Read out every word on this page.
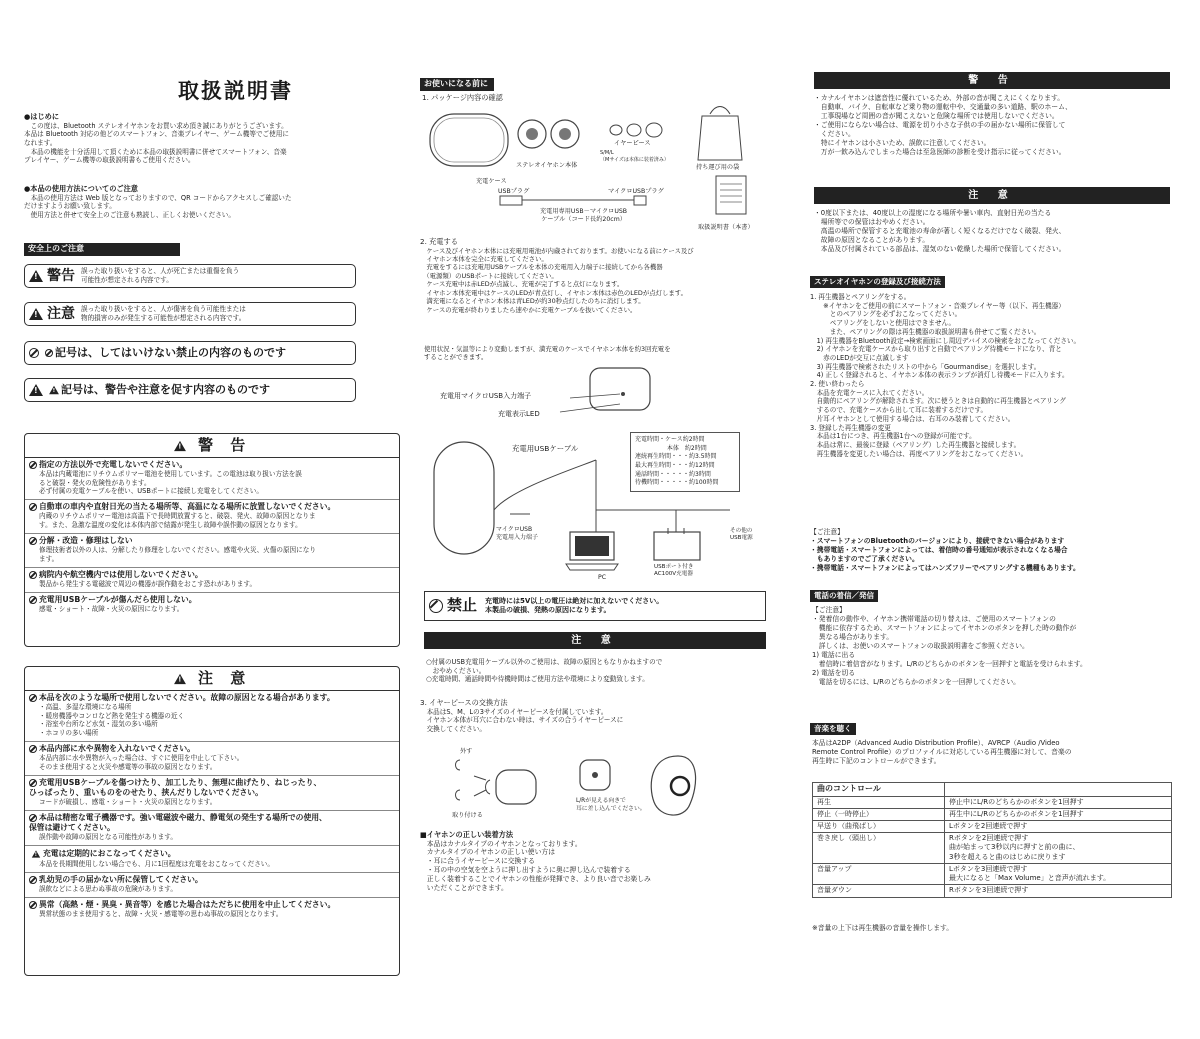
取扱説明書
●はじめに
　この度は、Bluetooth ステレオイヤホンをお買い求め頂き誠にありがとうございます。
本品は Bluetooth 対応の他どのスマートフォン、音楽プレイヤー、ゲーム機等でご使用に
なれます。
　本品の機能を十分活用して頂くために本品の取扱説明書に併せてスマートフォン、音楽
プレイヤー、ゲーム機等の取扱説明書もご使用ください。
●本品の使用方法についてのご注意
　本品の使用方法は Web 版となっておりますので、QR コードからアクセスしご確認いた
だけますようお願い致します。
　使用方法と併せて安全上のご注意も熟読し、正しくお使いください。
安全上のご注意
!
警告 誤った取り扱いをすると、人が死亡または重傷を負う
可能性が想定される内容です。
!
注意 誤った取り扱いをすると、人が傷害を負う可能性または
物的損害のみが発生する可能性が想定される内容です。
記号は、してはいけない禁止の内容のものです
!
!
記号は、警告や注意を促す内容のものです
! 警 告
指定の方法以外で充電しないでください。
本品は内蔵電池にリチウムポリマー電池を使用しています。この電池は取り扱い方法を誤
ると破裂・発火の危険性があります。
必ず付属の充電ケーブルを使い、USBポートに接続し充電をしてください。
自動車の車内や直射日光の当たる場所等、高温になる場所に放置しないでください。
内蔵のリチウムポリマー電池は高温下で長時間放置すると、破裂、発火、故障の原因となりま
す。また、急激な温度の変化は本体内部で結露が発生し故障や誤作動の原因となります。
分解・改造・修理はしない
修理技術者以外の人は、分解したり修理をしないでください。感電や火災、火傷の原因になり
ます。
病院内や航空機内では使用しないでください。
製品から発生する電磁波で周辺の機器が誤作動をおこす恐れがあります。
充電用USBケーブルが傷んだら使用しない。
感電・ショート・故障・火災の原因になります。
! 注 意
本品を次のような場所で使用しないでください。故障の原因となる場合があります。
・高温、多湿な環境になる場所
・暖房機器やコンロなど熱を発生する機器の近く
・浴室や台所など水気・湿気の多い場所
・ホコリの多い場所
本品内部に水や異物を入れないでください。
本品内部に水や異物が入った場合は、すぐに使用を中止して下さい。
そのまま使用すると火災や感電等の事故の原因となります。
充電用USBケーブルを傷つけたり、加工したり、無理に曲げたり、ねじったり、
ひっぱったり、重いものをのせたり、挟んだりしないでください。
コードが破損し、感電・ショート・火災の原因となります。
本品は精密な電子機器です。強い電磁波や磁力、静電気の発生する場所での使用、
保管は避けてください。
誤作動や故障の原因となる可能性があります。
!充電は定期的におこなってください。
本品を長期間使用しない場合でも、月に1回程度は充電をおこなってください。
乳幼児の手の届かない所に保管してください。
誤飲などによる思わぬ事故の危険があります。
異常（高熱・煙・異臭・異音等）を感じた場合はただちに使用を中止してください。
異常状態のまま使用すると、故障・火災・感電等の思わぬ事故の原因となります。
お使いになる前に
1. パッケージ内容の確認
充電ケース
ステレオイヤホン本体
イヤーピース
S/M/L
（Mサイズは本体に装着済み）
持ち運び用の袋
USBプラグ	マイクロUSBプラグ
充電用専用USB－マイクロUSB
ケーブル（コード長約20cm）
取扱説明書（本書）
2. 充電する
　ケース及びイヤホン本体には充電用電池が内蔵されております。お使いになる前にケース及び
　イヤホン本体を完全に充電してください。
　充電をするには充電用USBケーブルを本体の充電用入力端子に接続してから各機器
　（電源類）のUSBポートに接続してください。
　ケース充電中は赤LEDが点滅し、充電が完了すると点灯になります。
　イヤホン本体充電中はケースのLEDが青点灯し、イヤホン本体は赤色のLEDが点灯します。
　満充電になるとイヤホン本体は青LEDが約30秒点灯したのちに消灯します。
　ケースの充電が終わりましたら速やかに充電ケーブルを抜いてください。
使用状況・気温等により変動しますが、満充電のケースでイヤホン本体を約3回充電を
することができます。
充電用マイクロUSB入力端子
充電表示LED
充電用USBケーブル
マイクロUSB
充電用入力端子
PC
USBポート付き
AC100V充電器
その他の
USB電源
充電時間・ケース約2時間
　　　　　 本体　約2時間
連続再生時間・・・約3.5時間
最大再生時間・・・約12時間
通話時間・・・・・約3時間
待機時間・・・・・約100時間
禁止 充電時には5V以上の電圧は絶対に加えないでください。
本製品の破損、発熱の原因になります。
注 意
○付属のUSB充電用ケーブル以外のご使用は、故障の原因ともなりかねますので
　おやめください。
○充電時間、通話時間や待機時間はご使用方法や環境により変動致します。
3. イヤーピースの交換方法
　本品はS、M、Lの3サイズのイヤーピースを付属しています。
　イヤホン本体が耳穴に合わない時は、サイズの合うイヤーピースに
　交換してください。
外す
取り付ける
L/Rが見える向きで
耳に差し込んでください。
■イヤホンの正しい装着方法
　本品はカナルタイプのイヤホンとなっております。
　カナルタイプのイヤホンの正しい使い方は
　・耳に合うイヤーピースに交換する
　・耳の中の空気を空ように押し出すように奥に押し込んで装着する
　正しく装着することでイヤホンの性能が発揮でき、より良い音でお楽しみ
　いただくことができます。
警 告
・カナルイヤホンは遮音性に優れているため、外部の音が聞こえにくくなります。
　自動車、バイク、自転車など乗り物の運転中や、交通量の多い道路、駅のホーム、
　工事現場など周囲の音が聞こえないと危険な場所では使用しないでください。
・ご使用にならない場合は、電源を切り小さな子供の手の届かない場所に保管して
　ください。
　特にイヤホンは小さいため、誤飲に注意してください。
　万が一飲み込んでしまった場合は至急医師の診断を受け指示に従ってください。
注 意
・0度以下または、40度以上の湿度になる場所や暑い車内、直射日光の当たる
　場所等での保管はおやめください。
　高温の場所で保管すると充電池の寿命が著しく短くなるだけでなく破裂、発火、
　故障の原因となることがあります。
　本品及び付属されている部品は、湿気のない乾燥した場所で保管してください。
ステレオイヤホンの登録及び接続方法
1. 再生機器とペアリングをする。
　　※イヤホンをご使用の前にスマートフォン・音楽プレイヤー等（以下、再生機器）
　　　とのペアリングを必ずおこなってください。
　　　ペアリングをしないと使用はできません。
　　　また、ペアリングの際は再生機器の取扱説明書も併せてご覧ください。
　1) 再生機器をBluetooth設定→検索画面にし周辺デバイスの検索をおこなってください。
　2) イヤホンを充電ケースから取り出すと自動でペアリング待機モードになり、青と
　　赤のLEDが交互に点滅します
　3) 再生機器で検索されたリストの中から「Gourmandise」を選択します。
　4) 正しく登録されると、イヤホン本体の表示ランプが消灯し待機モードに入ります。
2. 使い終わったら
　本品を充電ケースに入れてください。
　自動的にペアリングが解除されます。次に使うときは自動的に再生機器とペアリング
　するので、充電ケースから出して耳に装着するだけです。
　片耳イヤホンとして使用する場合は、右耳のみ装着してください。
3. 登録した再生機器の変更
　本品は1台につき、再生機器1台への登録が可能です。
　本品は常に、最後に登録（ペアリング）した再生機器と接続します。
　再生機器を変更したい場合は、再度ペアリングをおこなってください。
【ご注意】
・スマートフォンのBluetoothのバージョンにより、接続できない場合があります
・携帯電話・スマートフォンによっては、着信時の番号通知が表示されなくなる場合
　もありますのでご了承ください。
・携帯電話・スマートフォンによってはハンズフリーでペアリングする機種もあります。
電話の着信／発信
【ご注意】
・発着信の動作や、イヤホン携帯電話の切り替えは、ご使用のスマートフォンの
　機能に依存するため、スマートフォンによってイヤホンのボタンを押した時の動作が
　異なる場合があります。
　詳しくは、お使いのスマートフォンの取扱説明書をご参照ください。
1) 電話に出る
　着信時に着信音がなります。L/Rのどちらかのボタンを一回押すと電話を受けられます。
2) 電話を切る
　電話を切るには、L/Rのどちらかのボタンを一回押してください。
音楽を聴く
本品はA2DP（Advanced Audio Distribution Profile）、AVRCP（Audio /Video
Remote Control Profile）のプロファイルに対応している再生機器に対して、音楽の
再生時に下記のコントロールができます。
曲のコントロール	
再生	停止中にL/Rのどちらかのボタンを1回押す
停止（一時停止）	再生中にL/Rのどちらかのボタンを1回押す
早送り（曲飛ばし）	Lボタンを2回連続で押す
巻き戻し（頭出し）	Rボタンを2回連続で押す
曲が始まって3秒以内に押すと前の曲に、
3秒を超えると曲のはじめに戻ります
音量アップ	Lボタンを3回連続で押す
最大になると「Max Volume」と音声が流れます。
音量ダウン	Rボタンを3回連続で押す
※音量の上下は再生機器の音量を操作します。
